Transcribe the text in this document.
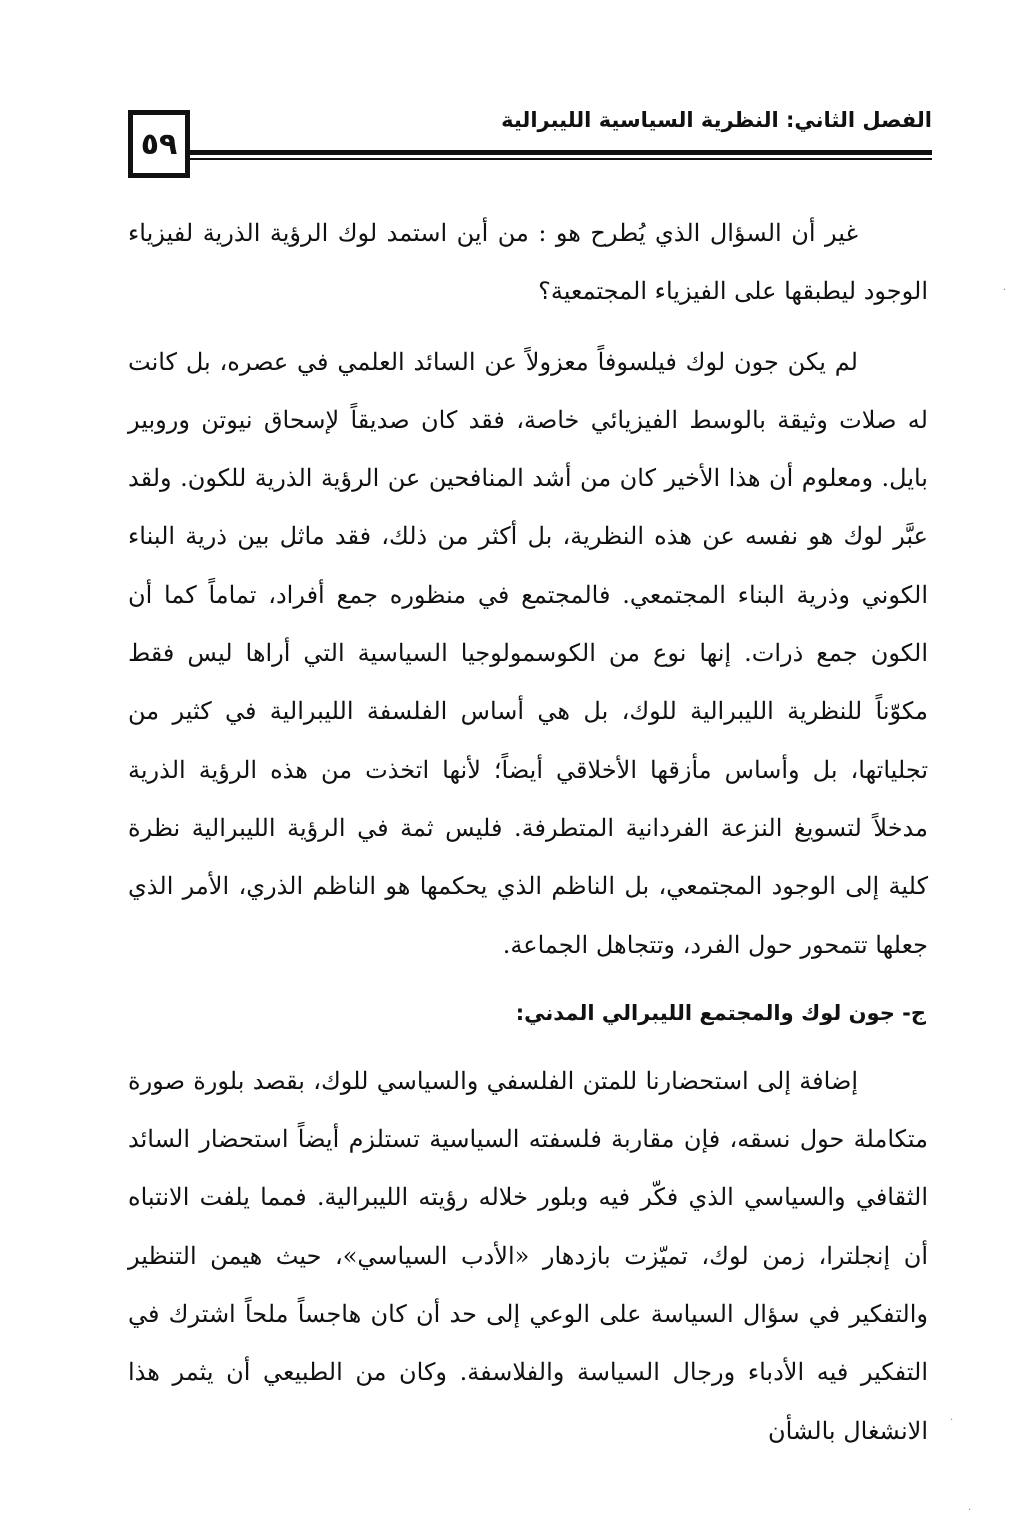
٥٩
الفصل الثاني: النظرية السياسية الليبرالية

غير أن السؤال الذي يُطرح هو : من أين استمد لوك الرؤية الذرية لفيزياء الوجود ليطبقها على الفيزياء المجتمعية؟

لم يكن جون لوك فيلسوفاً معزولاً عن السائد العلمي في عصره، بل كانت له صلات وثيقة بالوسط الفيزيائي خاصة، فقد كان صديقاً لإسحاق نيوتن وروبير بايل. ومعلوم أن هذا الأخير كان من أشد المنافحين عن الرؤية الذرية للكون. ولقد عبَّر لوك هو نفسه عن هذه النظرية، بل أكثر من ذلك، فقد ماثل بين ذرية البناء الكوني وذرية البناء المجتمعي. فالمجتمع في منظوره جمع أفراد، تماماً كما أن الكون جمع ذرات. إنها نوع من الكوسمولوجيا السياسية التي أراها ليس فقط مكوّناً للنظرية الليبرالية للوك، بل هي أساس الفلسفة الليبرالية في كثير من تجلياتها، بل وأساس مأزقها الأخلاقي أيضاً؛ لأنها اتخذت من هذه الرؤية الذرية مدخلاً لتسويغ النزعة الفردانية المتطرفة. فليس ثمة في الرؤية الليبرالية نظرة كلية إلى الوجود المجتمعي، بل الناظم الذي يحكمها هو الناظم الذري، الأمر الذي جعلها تتمحور حول الفرد، وتتجاهل الجماعة.

ج- جون لوك والمجتمع الليبرالي المدني:

إضافة إلى استحضارنا للمتن الفلسفي والسياسي للوك، بقصد بلورة صورة متكاملة حول نسقه، فإن مقاربة فلسفته السياسية تستلزم أيضاً استحضار السائد الثقافي والسياسي الذي فكّر فيه وبلور خلاله رؤيته الليبرالية. فمما يلفت الانتباه أن إنجلترا، زمن لوك، تميّزت بازدهار «الأدب السياسي»، حيث هيمن التنظير والتفكير في سؤال السياسة على الوعي إلى حد أن كان هاجساً ملحاً اشترك في التفكير فيه الأدباء ورجال السياسة والفلاسفة. وكان من الطبيعي أن يثمر هذا الانشغال بالشأن

·
·
·
